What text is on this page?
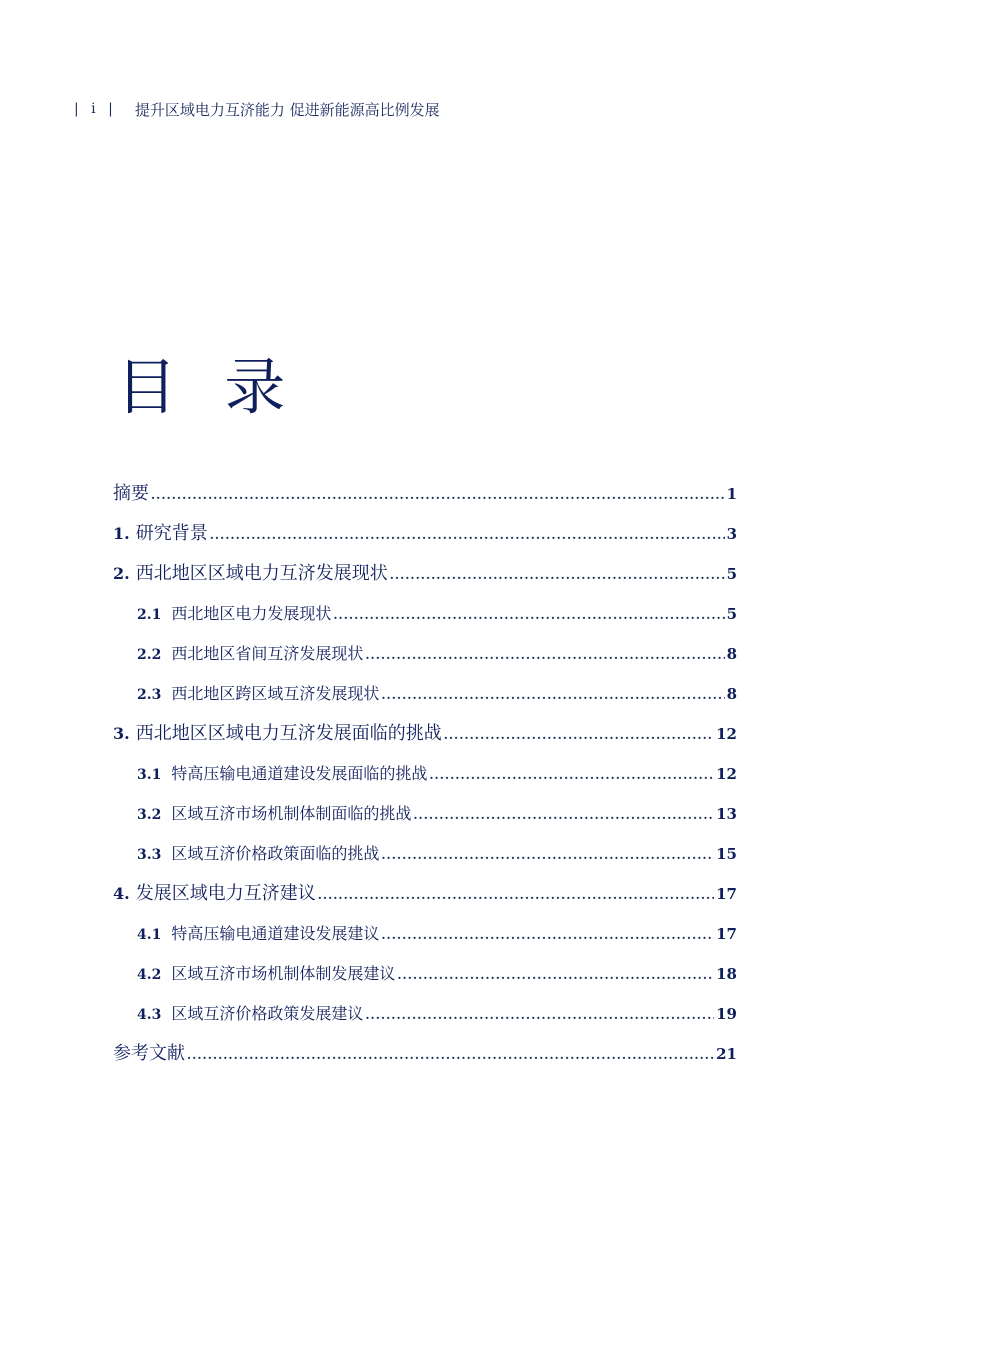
| i | 提升区域电力互济能力 促进新能源高比例发展
目 录
摘要 .....	1
1. 研究背景 .....	3
2. 西北地区区域电力互济发展现状 .....	5
2.1 西北地区电力发展现状 .....	5
2.2 西北地区省间互济发展现状 .....	8
2.3 西北地区跨区域互济发展现状 .....	8
3. 西北地区区域电力互济发展面临的挑战 .....	12
3.1 特高压输电通道建设发展面临的挑战 .....	12
3.2 区域互济市场机制体制面临的挑战 .....	13
3.3 区域互济价格政策面临的挑战 .....	15
4. 发展区域电力互济建议 .....	17
4.1 特高压输电通道建设发展建议 .....	17
4.2 区域互济市场机制体制发展建议 .....	18
4.3 区域互济价格政策发展建议 .....	19
参考文献 .....	21
